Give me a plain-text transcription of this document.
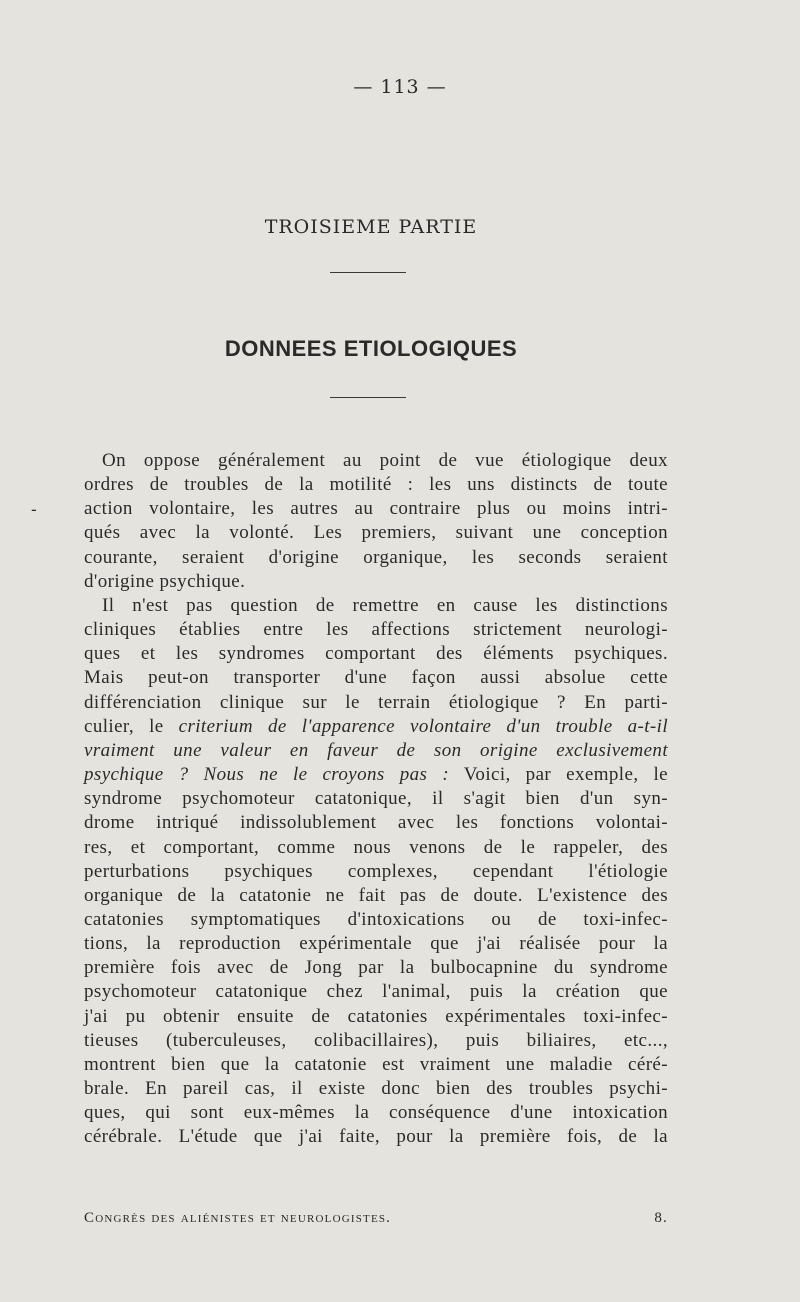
— 113 —
TROISIEME PARTIE
DONNEES ETIOLOGIQUES
-
On oppose généralement au point de vue étiologique deux
ordres de troubles de la motilité : les uns distincts de toute
action volontaire, les autres au contraire plus ou moins intri-
qués avec la volonté. Les premiers, suivant une conception
courante, seraient d'origine organique, les seconds seraient
d'origine psychique.
Il n'est pas question de remettre en cause les distinctions
cliniques établies entre les affections strictement neurologi-
ques et les syndromes comportant des éléments psychiques.
Mais peut-on transporter d'une façon aussi absolue cette
différenciation clinique sur le terrain étiologique ? En parti-
culier, le criterium de l'apparence volontaire d'un trouble a-t-il
vraiment une valeur en faveur de son origine exclusivement
psychique ? Nous ne le croyons pas : Voici, par exemple, le
syndrome psychomoteur catatonique, il s'agit bien d'un syn-
drome intriqué indissolublement avec les fonctions volontai-
res, et comportant, comme nous venons de le rappeler, des
perturbations psychiques complexes, cependant l'étiologie
organique de la catatonie ne fait pas de doute. L'existence des
catatonies symptomatiques d'intoxications ou de toxi-infec-
tions, la reproduction expérimentale que j'ai réalisée pour la
première fois avec de Jong par la bulbocapnine du syndrome
psychomoteur catatonique chez l'animal, puis la création que
j'ai pu obtenir ensuite de catatonies expérimentales toxi-infec-
tieuses (tuberculeuses, colibacillaires), puis biliaires, etc...,
montrent bien que la catatonie est vraiment une maladie céré-
brale. En pareil cas, il existe donc bien des troubles psychi-
ques, qui sont eux-mêmes la conséquence d'une intoxication
cérébrale. L'étude que j'ai faite, pour la première fois, de la
Congrès des aliénistes et neurologistes.	8.
